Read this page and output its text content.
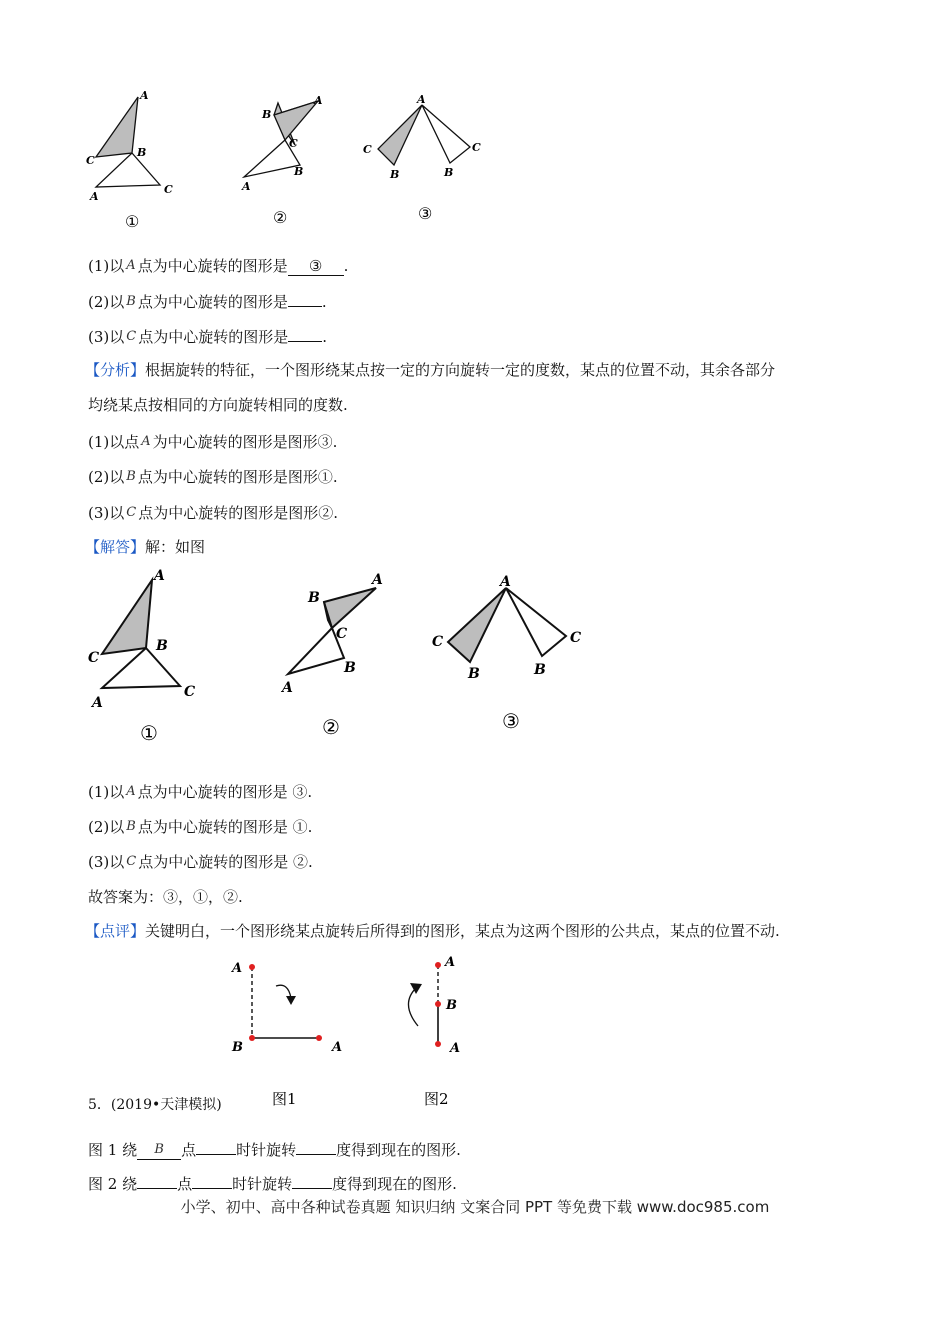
A
C
B
A
C
①
B
A
C
B
A
②
A
C
B	B
C
③
(1)以 A 点为中心旋转的图形是 ③ .
(2)以 B 点为中心旋转的图形是 .
(3)以 C 点为中心旋转的图形是 .
【分析】根据旋转的特征，一个图形绕某点按一定的方向旋转一定的度数，某点的位置不动，其余各部分
均绕某点按相同的方向旋转相同的度数.
(1)以点 A 为中心旋转的图形是图形③.
(2)以 B 点为中心旋转的图形是图形①.
(3)以 C 点为中心旋转的图形是图形②.
【解答】解：如图
A
C
B
A
C
①
B
A
C
B
A
②
A
C
B	B
C
③
(1)以 A 点为中心旋转的图形是 ③.
(2)以 B 点为中心旋转的图形是 ①.
(3)以 C 点为中心旋转的图形是 ②.
故答案为：③，①，②.
【点评】关键明白，一个图形绕某点旋转后所得到的图形，某点为这两个图形的公共点，某点的位置不动.
A
B	A
图1
A
B
A
图2
5．(2019•天津模拟)
图 1 绕 B 点	时针旋转	度得到现在的图形.
图 2 绕	点	时针旋转	度得到现在的图形.
小学、初中、高中各种试卷真题 知识归纳 文案合同 PPT 等免费下载 www.doc985.com
